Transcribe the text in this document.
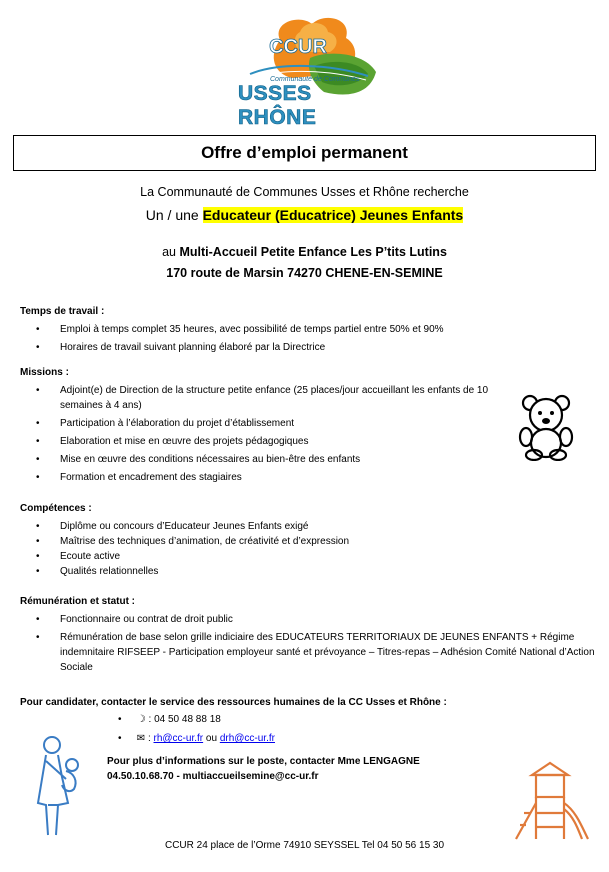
CCUR
Communauté de Communes
USSES RHÔNE
Offre d’emploi permanent
La Communauté de Communes Usses et Rhône recherche
Un / une Educateur (Educatrice) Jeunes Enfants
au Multi-Accueil Petite Enfance Les P’tits Lutins
170 route de Marsin 74270 CHENE-EN-SEMINE
Temps de travail :
• Emploi à temps complet 35 heures, avec possibilité de temps partiel entre 50% et 90%
• Horaires de travail suivant planning élaboré par la Directrice
Missions :
• Adjoint(e) de Direction de la structure petite enfance (25 places/jour accueillant les enfants de 10 semaines à 4 ans)
• Participation à l’élaboration du projet d’établissement
• Elaboration et mise en œuvre des projets pédagogiques
• Mise en œuvre des conditions nécessaires au bien-être des enfants
• Formation et encadrement des stagiaires
Compétences :
• Diplôme ou concours d’Educateur Jeunes Enfants exigé
• Maîtrise des techniques d’animation, de créativité et d’expression
• Ecoute active
• Qualités relationnelles
Rémunération et statut :
• Fonctionnaire ou contrat de droit public
• Rémunération de base selon grille indiciaire des EDUCATEURS TERRITORIAUX DE JEUNES ENFANTS + Régime indemnitaire RIFSEEP - Participation employeur santé et prévoyance – Titres-repas – Adhésion Comité National d’Action Sociale
Pour candidater, contacter le service des ressources humaines de la CC Usses et Rhône :
• ☽ : 04 50 48 88 18
• ✉ : rh@cc-ur.fr ou drh@cc-ur.fr
Pour plus d’informations sur le poste, contacter Mme LENGAGNE
04.50.10.68.70 - multiaccueilsemine@cc-ur.fr
CCUR 24 place de l’Orme 74910 SEYSSEL Tel 04 50 56 15 30
